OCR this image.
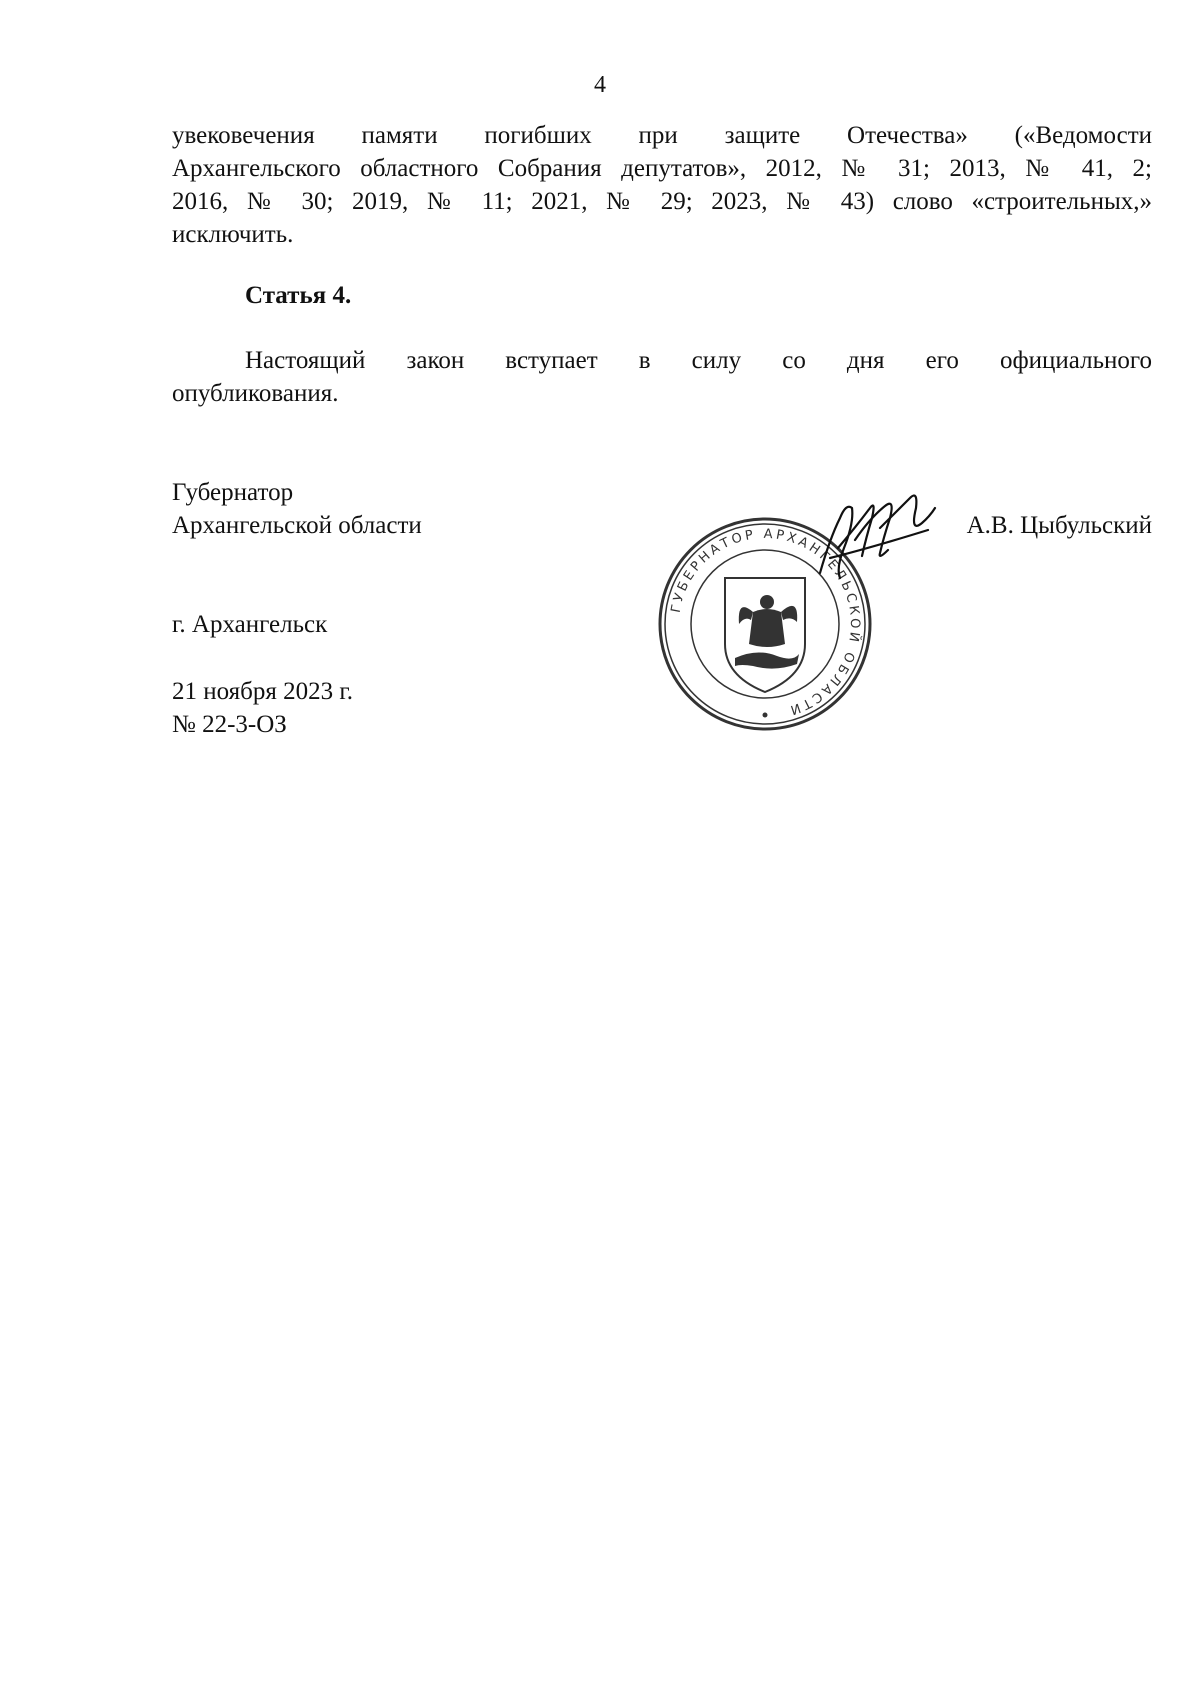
4
увековечения памяти погибших при защите Отечества» («Ведомости
Архангельского областного Собрания депутатов», 2012, № 31; 2013, № 41, 2;
2016, № 30; 2019, № 11; 2021, № 29; 2023, № 43) слово «строительных,»
исключить.
Статья 4.
Настоящий закон вступает в силу со дня его официального
опубликования.
Губернатор
Архангельской области	А.В. Цыбульский
г. Архангельск
21 ноября 2023 г.
№ 22-3-ОЗ
ГУБЕРНАТОР АРХАНГЕЛЬСКОЙ ОБЛАСТИ
